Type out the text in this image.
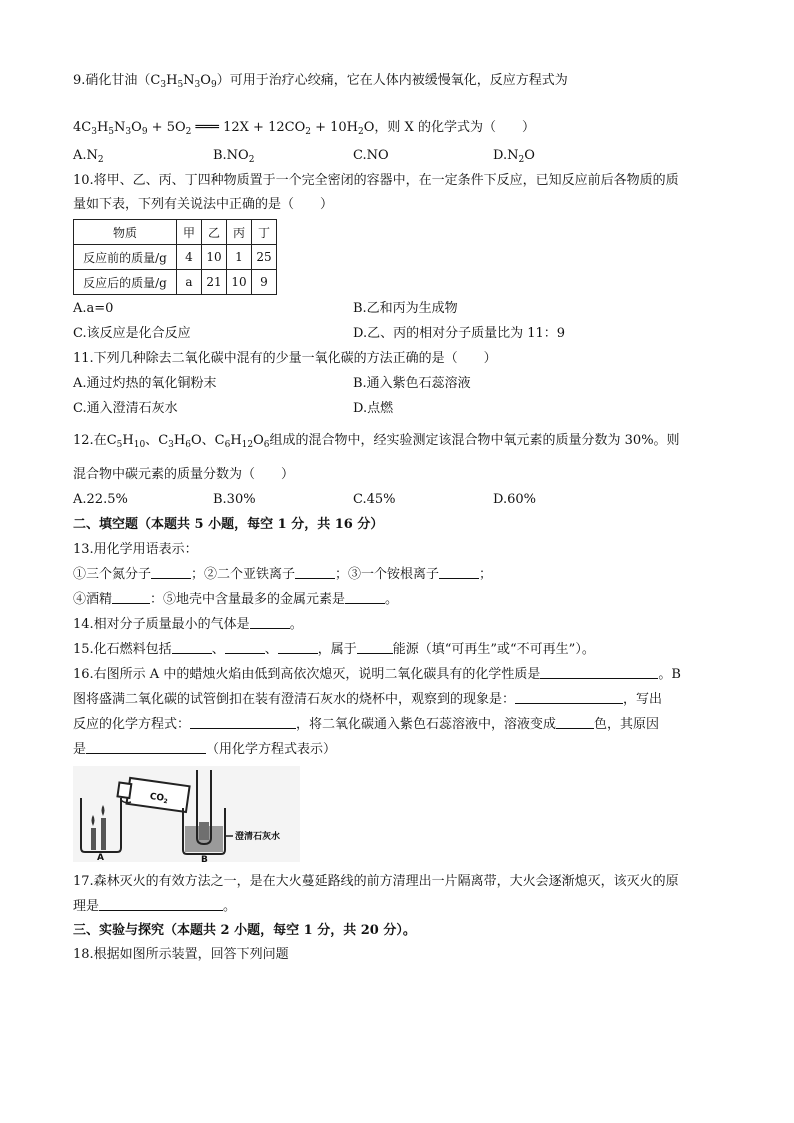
9.硝化甘油$(C_3H_5N_3O_9)$可用于治疗心绞痛，它在人体内被缓慢氧化，反应方程式为
$4C_3H_5N_3O_9 + 5O_2$ ═══ $12X + 12CO_2 + 10H_2O$，则 X 的化学式为（　　）
$A.N_2$	$B.NO_2$	C.NO	$D.N_2O$
10.将甲、乙、丙、丁四种物质置于一个完全密闭的容器中，在一定条件下反应，已知反应前后各物质的质
量如下表，下列有关说法中正确的是（　　）
物质	甲	乙	丙	丁
反应前的质量/g	4	10	1	25
反应后的质量/g	a	21	10	9
A.a=0	B.乙和丙为生成物
C.该反应是化合反应	D.乙、丙的相对分子质量比为 11：9
11.下列几种除去二氧化碳中混有的少量一氧化碳的方法正确的是（　　）
A.通过灼热的氧化铜粉末	B.通入紫色石蕊溶液
C.通入澄清石灰水	D.点燃
12.在$C_5H_{10}$、$C_3H_6O$、$C_6H_{12}O_6$组成的混合物中，经实验测定该混合物中氧元素的质量分数为 30%。则
混合物中碳元素的质量分数为（　　）
A.22.5%	B.30%	C.45%	D.60%
二、填空题（本题共 5 小题，每空 1 分，共 16 分）
13.用化学用语表示：
①三个氮分子	；②二个亚铁离子	；③一个铵根离子	；
④酒精	：⑤地壳中含量最多的金属元素是	。
14.相对分子质量最小的气体是	。
15.化石燃料包括	、	、	，属于	能源（填“可再生”或“不可再生”）。
16.右图所示 A 中的蜡烛火焰由低到高依次熄灭，说明二氧化碳具有的化学性质是	。B
图将盛满二氧化碳的试管倒扣在装有澄清石灰水的烧杯中，观察到的现象是：	，写出
反应的化学方程式：	，将二氧化碳通入紫色石蕊溶液中，溶液变成	色，其原因
是	（用化学方程式表示）
$CO_2$
A
澄清石灰水
B
17.森林灭火的有效方法之一，是在大火蔓延路线的前方清理出一片隔离带，大火会逐渐熄灭，该灭火的原
理是	。
三、实验与探究（本题共 2 小题，每空 1 分，共 20 分）。
18.根据如图所示装置，回答下列问题
